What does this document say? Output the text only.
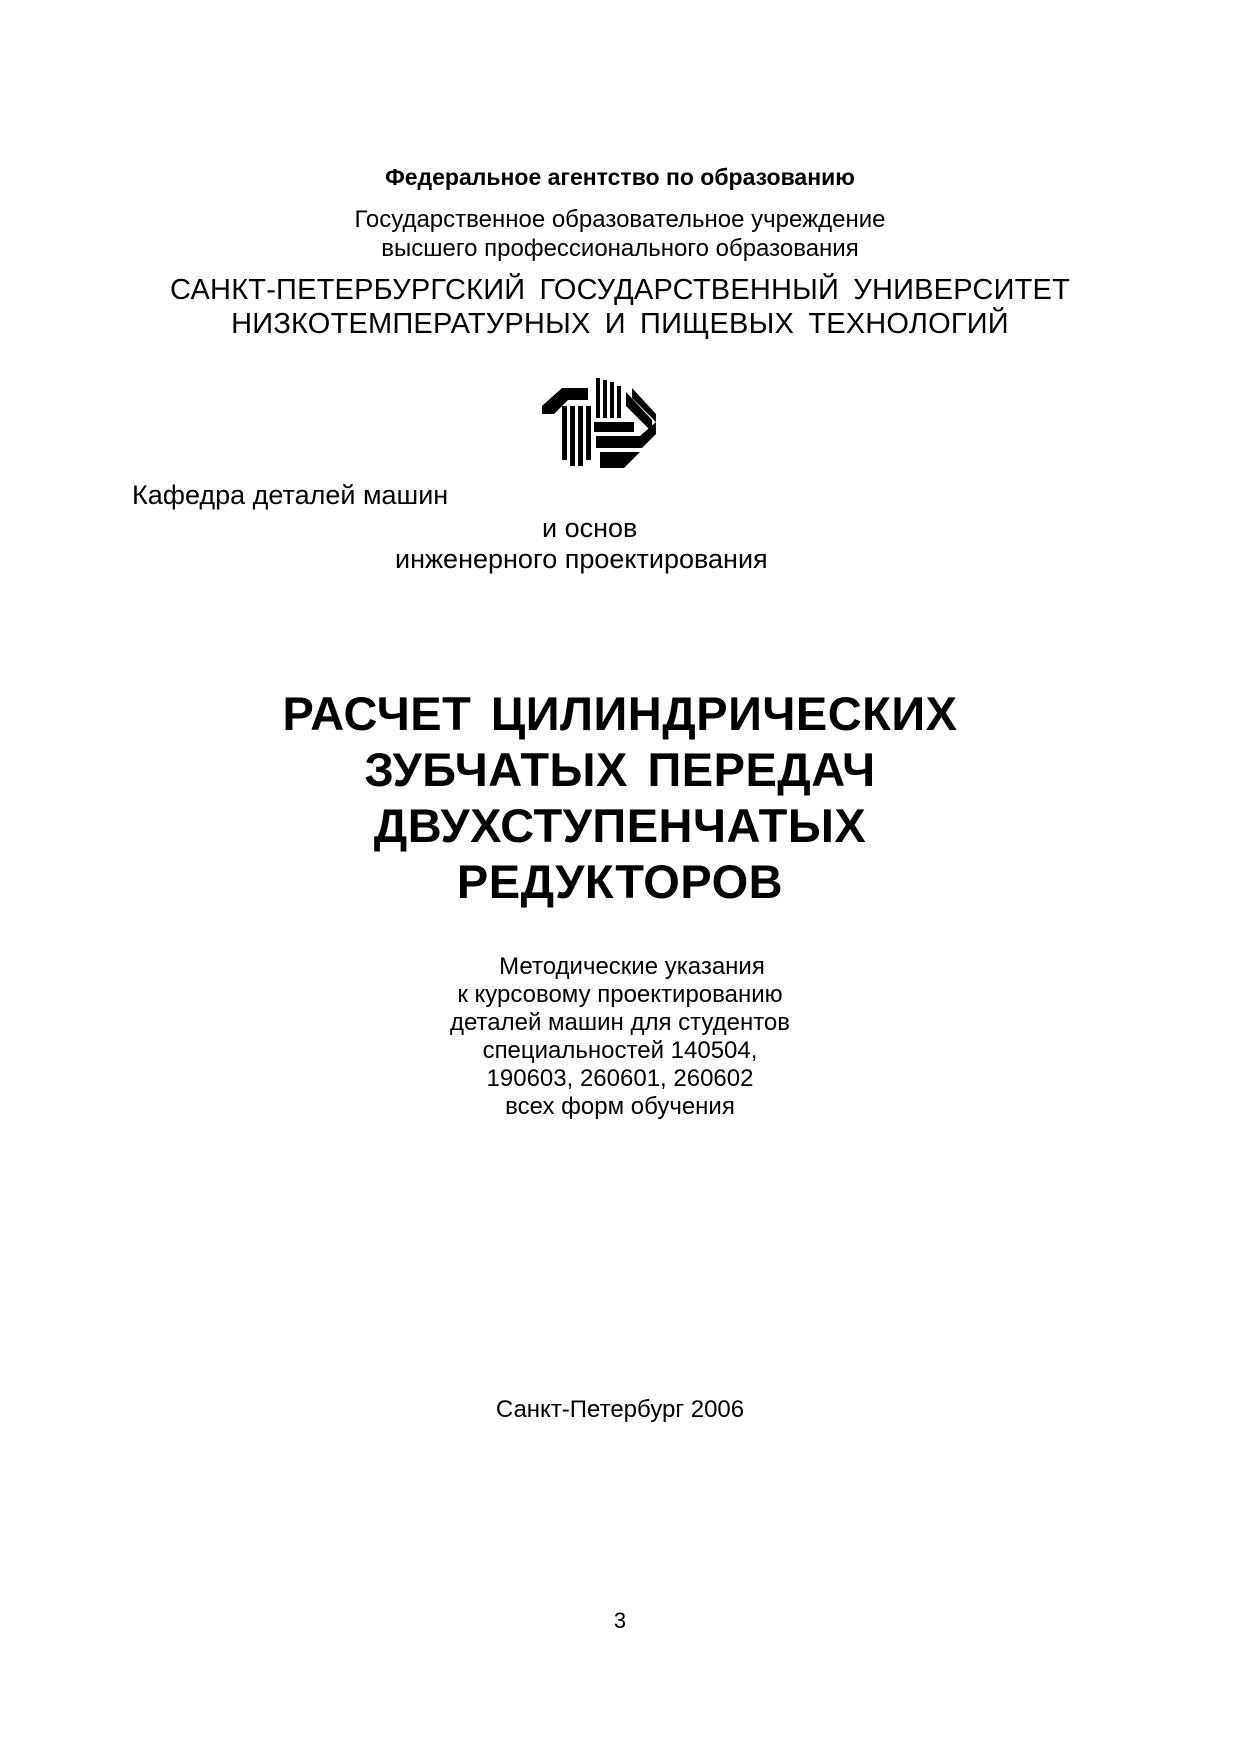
Федеральное агентство по образованию
Государственное образовательное учреждение
высшего профессионального образования
САНКТ-ПЕТЕРБУРГСКИЙ ГОСУДАРСТВЕННЫЙ УНИВЕРСИТЕТ
НИЗКОТЕМПЕРАТУРНЫХ И ПИЩЕВЫХ ТЕХНОЛОГИЙ
Кафедра деталей машин
и основ
инженерного проектирования
РАСЧЕТ ЦИЛИНДРИЧЕСКИХ
ЗУБЧАТЫХ ПЕРЕДАЧ
ДВУХСТУПЕНЧАТЫХ
РЕДУКТОРОВ
Методические указания
к курсовому проектированию
деталей машин для студентов
специальностей 140504,
190603, 260601, 260602
всех форм обучения
Санкт-Петербург 2006
3
